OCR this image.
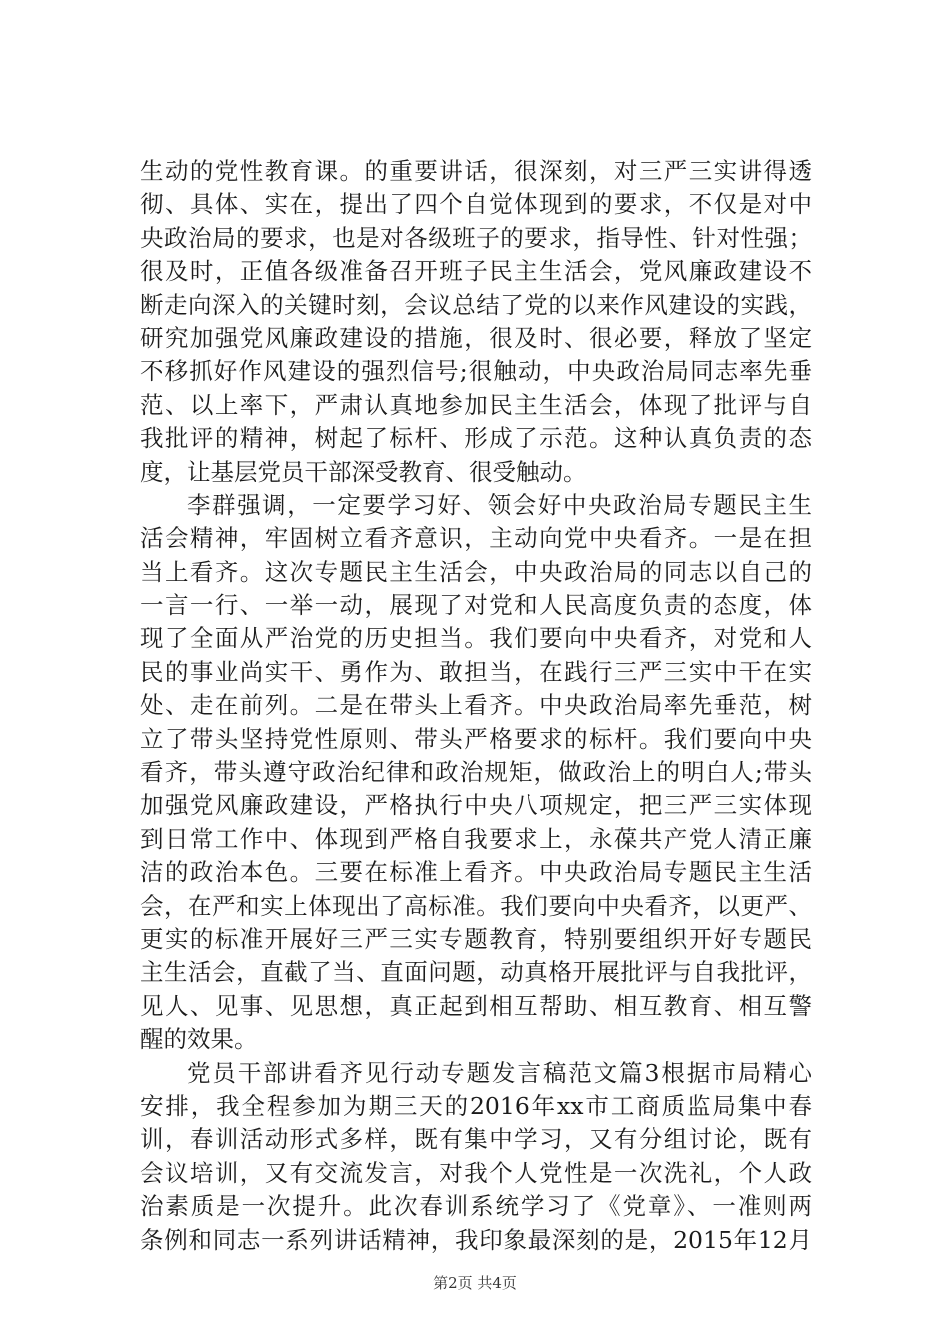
生动的党性教育课。的重要讲话，很深刻，对三严三实讲得透
彻、具体、实在，提出了四个自觉体现到的要求，不仅是对中
央政治局的要求，也是对各级班子的要求，指导性、针对性强；
很及时，正值各级准备召开班子民主生活会，党风廉政建设不
断走向深入的关键时刻，会议总结了党的以来作风建设的实践，
研究加强党风廉政建设的措施，很及时、很必要，释放了坚定
不移抓好作风建设的强烈信号;很触动，中央政治局同志率先垂
范、以上率下，严肃认真地参加民主生活会，体现了批评与自
我批评的精神，树起了标杆、形成了示范。这种认真负责的态
度，让基层党员干部深受教育、很受触动。
李群强调，一定要学习好、领会好中央政治局专题民主生
活会精神，牢固树立看齐意识，主动向党中央看齐。一是在担
当上看齐。这次专题民主生活会，中央政治局的同志以自己的
一言一行、一举一动，展现了对党和人民高度负责的态度，体
现了全面从严治党的历史担当。我们要向中央看齐，对党和人
民的事业尚实干、勇作为、敢担当，在践行三严三实中干在实
处、走在前列。二是在带头上看齐。中央政治局率先垂范，树
立了带头坚持党性原则、带头严格要求的标杆。我们要向中央
看齐，带头遵守政治纪律和政治规矩，做政治上的明白人;带头
加强党风廉政建设，严格执行中央八项规定，把三严三实体现
到日常工作中、体现到严格自我要求上，永葆共产党人清正廉
洁的政治本色。三要在标准上看齐。中央政治局专题民主生活
会，在严和实上体现出了高标准。我们要向中央看齐，以更严、
更实的标准开展好三严三实专题教育，特别要组织开好专题民
主生活会，直截了当、直面问题，动真格开展批评与自我批评，
见人、见事、见思想，真正起到相互帮助、相互教育、相互警
醒的效果。
党员干部讲看齐见行动专题发言稿范文篇3根据市局精心
安排，我全程参加为期三天的2016年xx市工商质监局集中春
训，春训活动形式多样，既有集中学习，又有分组讨论，既有
会议培训，又有交流发言，对我个人党性是一次洗礼，个人政
治素质是一次提升。此次春训系统学习了《党章》、一准则两
条例和同志一系列讲话精神，我印象最深刻的是，2015年12月
第2页 共4页
